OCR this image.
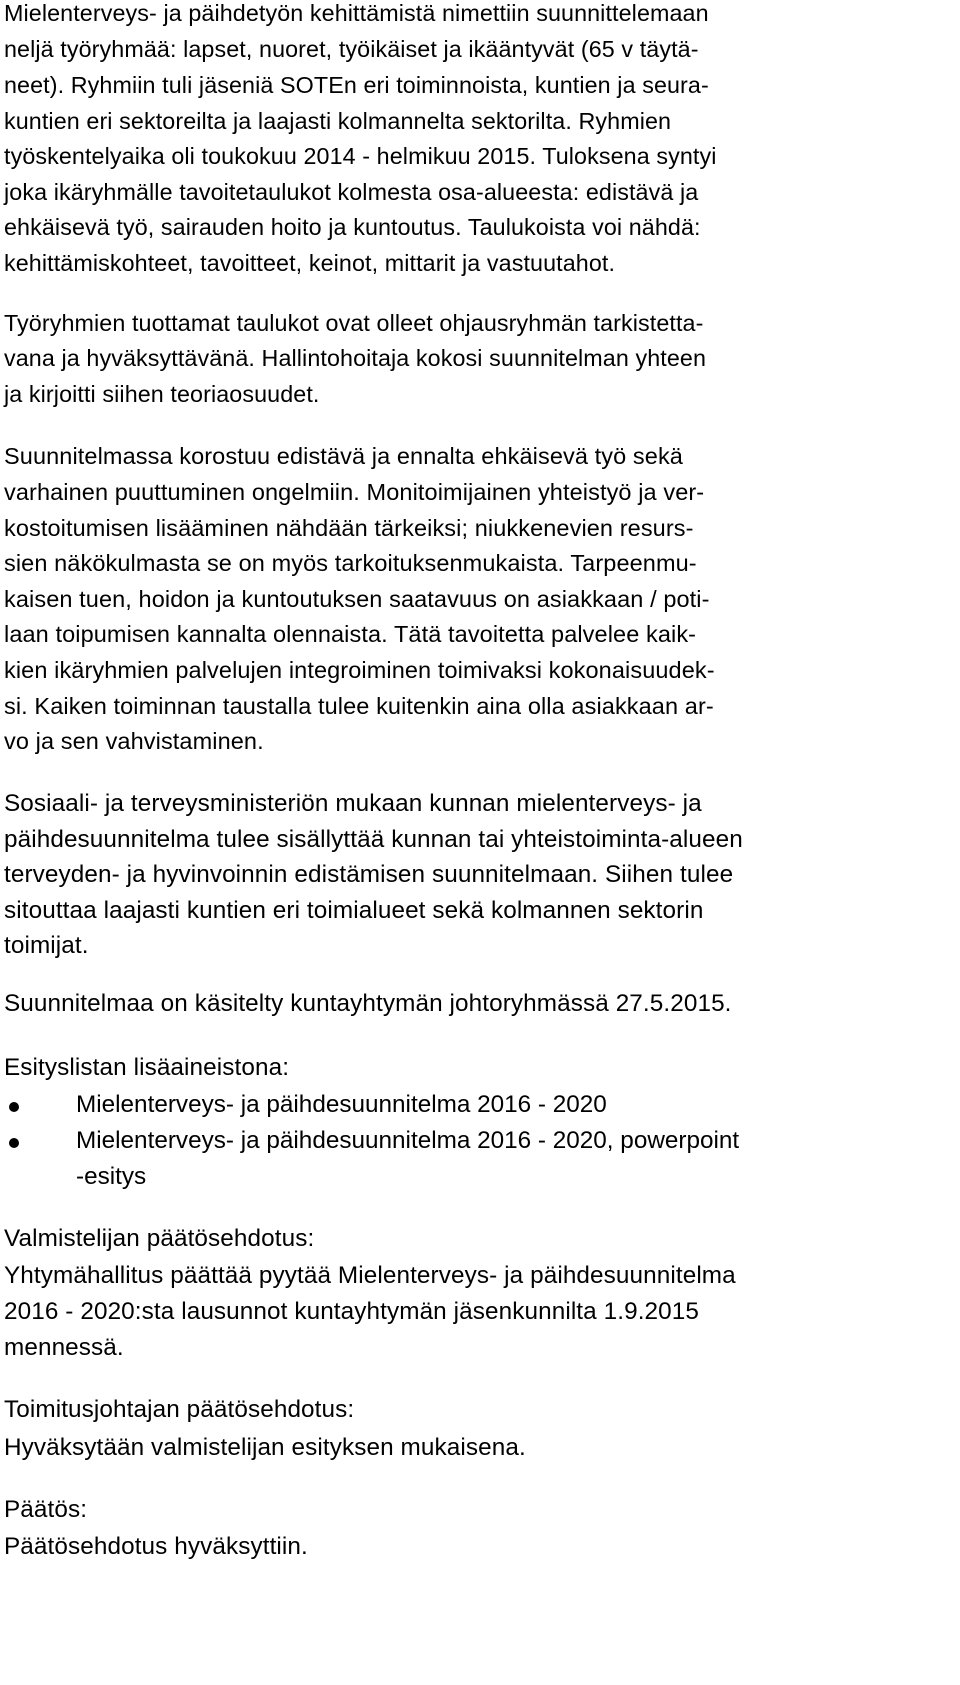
Mielenterveys- ja päihdetyön kehittämistä nimettiin suunnittelemaan
neljä työryhmää: lapset, nuoret, työikäiset ja ikääntyvät (65 v täytä-
neet). Ryhmiin tuli jäseniä SOTEn eri toiminnoista, kuntien ja seura-
kuntien eri sektoreilta ja laajasti kolmannelta sektorilta. Ryhmien
työskentelyaika oli toukokuu 2014 - helmikuu 2015. Tuloksena syntyi
joka ikäryhmälle tavoitetaulukot kolmesta osa-alueesta: edistävä ja
ehkäisevä työ, sairauden hoito ja kuntoutus. Taulukoista voi nähdä:
kehittämiskohteet, tavoitteet, keinot, mittarit ja vastuutahot.
Työryhmien tuottamat taulukot ovat olleet ohjausryhmän tarkistetta-
vana ja hyväksyttävänä. Hallintohoitaja kokosi suunnitelman yhteen
ja kirjoitti siihen teoriaosuudet.
Suunnitelmassa korostuu edistävä ja ennalta ehkäisevä työ sekä
varhainen puuttuminen ongelmiin. Monitoimijainen yhteistyö ja ver-
kostoitumisen lisääminen nähdään tärkeiksi; niukkenevien resurs-
sien näkökulmasta se on myös tarkoituksenmukaista. Tarpeenmu-
kaisen tuen, hoidon ja kuntoutuksen saatavuus on asiakkaan / poti-
laan toipumisen kannalta olennaista. Tätä tavoitetta palvelee kaik-
kien ikäryhmien palvelujen integroiminen toimivaksi kokonaisuudek-
si. Kaiken toiminnan taustalla tulee kuitenkin aina olla asiakkaan ar-
vo ja sen vahvistaminen.
Sosiaali- ja terveysministeriön mukaan kunnan mielenterveys- ja
päihdesuunnitelma tulee sisällyttää kunnan tai yhteistoiminta-alueen
terveyden- ja hyvinvoinnin edistämisen suunnitelmaan. Siihen tulee
sitouttaa laajasti kuntien eri toimialueet sekä kolmannen sektorin
toimijat.
Suunnitelmaa on käsitelty kuntayhtymän johtoryhmässä 27.5.2015.
Esityslistan lisäaineistona:
Mielenterveys- ja päihdesuunnitelma 2016 - 2020
Mielenterveys- ja päihdesuunnitelma 2016 - 2020, powerpoint
-esitys
Valmistelijan päätösehdotus:
Yhtymähallitus päättää pyytää Mielenterveys- ja päihdesuunnitelma
2016 - 2020:sta lausunnot kuntayhtymän jäsenkunnilta 1.9.2015
mennessä.
Toimitusjohtajan päätösehdotus:
Hyväksytään valmistelijan esityksen mukaisena.
Päätös:
Päätösehdotus hyväksyttiin.
